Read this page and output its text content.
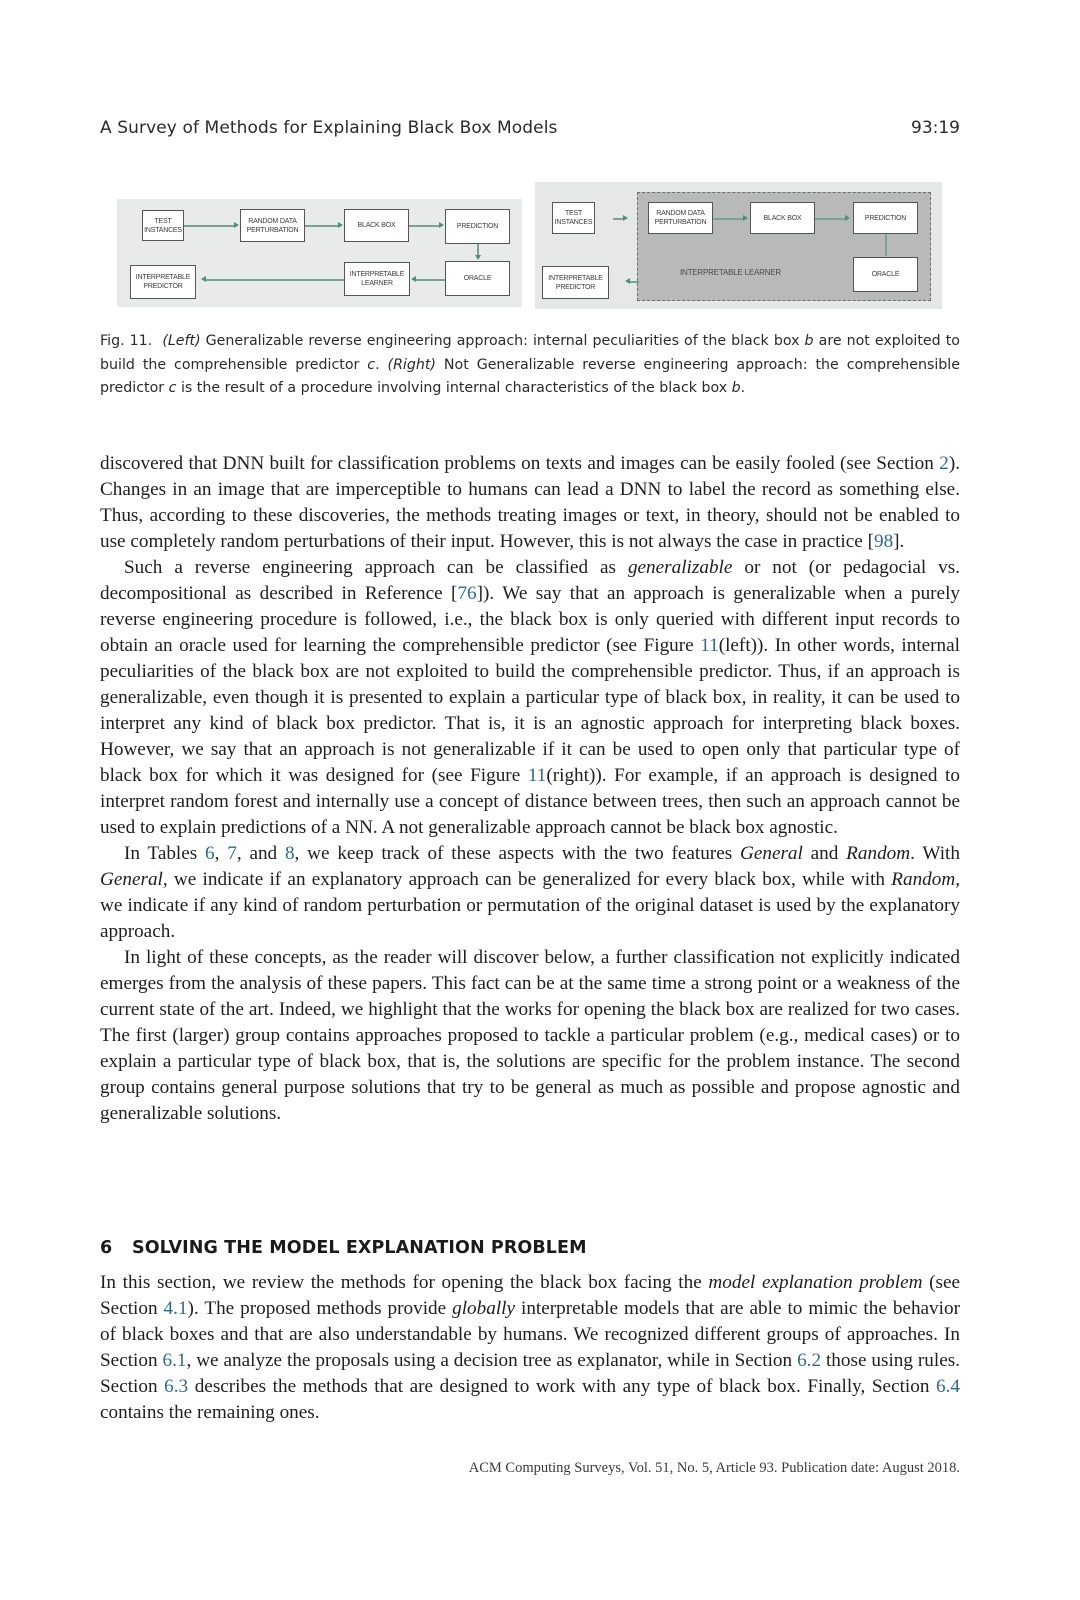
A Survey of Methods for Explaining Black Box Models	93:19
TEST INSTANCES
RANDOM DATA PERTURBATION
BLACK BOX	PREDICTION
ORACLE
INTERPRETABLE LEARNER
INTERPRETABLE PREDICTOR
INTERPRETABLE LEARNER
TEST INSTANCES
RANDOM DATA PERTURBATION
BLACK BOX	PREDICTION
ORACLE
INTERPRETABLE PREDICTOR
Fig. 11. (Left) Generalizable reverse engineering approach: internal peculiarities of the black box b are not exploited to build the comprehensible predictor c. (Right) Not Generalizable reverse engineering approach: the comprehensible predictor c is the result of a procedure involving internal characteristics of the black box b.

discovered that DNN built for classification problems on texts and images can be easily fooled (see Section 2). Changes in an image that are imperceptible to humans can lead a DNN to label the record as something else. Thus, according to these discoveries, the methods treating images or text, in theory, should not be enabled to use completely random perturbations of their input. However, this is not always the case in practice [98].

Such a reverse engineering approach can be classified as generalizable or not (or pedagocial vs. decompositional as described in Reference [76]). We say that an approach is generalizable when a purely reverse engineering procedure is followed, i.e., the black box is only queried with different input records to obtain an oracle used for learning the comprehensible predictor (see Figure 11(left)). In other words, internal peculiarities of the black box are not exploited to build the comprehensible predictor. Thus, if an approach is generalizable, even though it is presented to explain a particular type of black box, in reality, it can be used to interpret any kind of black box predictor. That is, it is an agnostic approach for interpreting black boxes. However, we say that an approach is not generalizable if it can be used to open only that particular type of black box for which it was designed for (see Figure 11(right)). For example, if an approach is designed to interpret random forest and internally use a concept of distance between trees, then such an approach cannot be used to explain predictions of a NN. A not generalizable approach cannot be black box agnostic.

In Tables 6, 7, and 8, we keep track of these aspects with the two features General and Random. With General, we indicate if an explanatory approach can be generalized for every black box, while with Random, we indicate if any kind of random perturbation or permutation of the original dataset is used by the explanatory approach.

In light of these concepts, as the reader will discover below, a further classification not explicitly indicated emerges from the analysis of these papers. This fact can be at the same time a strong point or a weakness of the current state of the art. Indeed, we highlight that the works for opening the black box are realized for two cases. The first (larger) group contains approaches proposed to tackle a particular problem (e.g., medical cases) or to explain a particular type of black box, that is, the solutions are specific for the problem instance. The second group contains general purpose solutions that try to be general as much as possible and propose agnostic and generalizable solutions.

6 SOLVING THE MODEL EXPLANATION PROBLEM

In this section, we review the methods for opening the black box facing the model explanation problem (see Section 4.1). The proposed methods provide globally interpretable models that are able to mimic the behavior of black boxes and that are also understandable by humans. We recognized different groups of approaches. In Section 6.1, we analyze the proposals using a decision tree as explanator, while in Section 6.2 those using rules. Section 6.3 describes the methods that are designed to work with any type of black box. Finally, Section 6.4 contains the remaining ones.

ACM Computing Surveys, Vol. 51, No. 5, Article 93. Publication date: August 2018.
